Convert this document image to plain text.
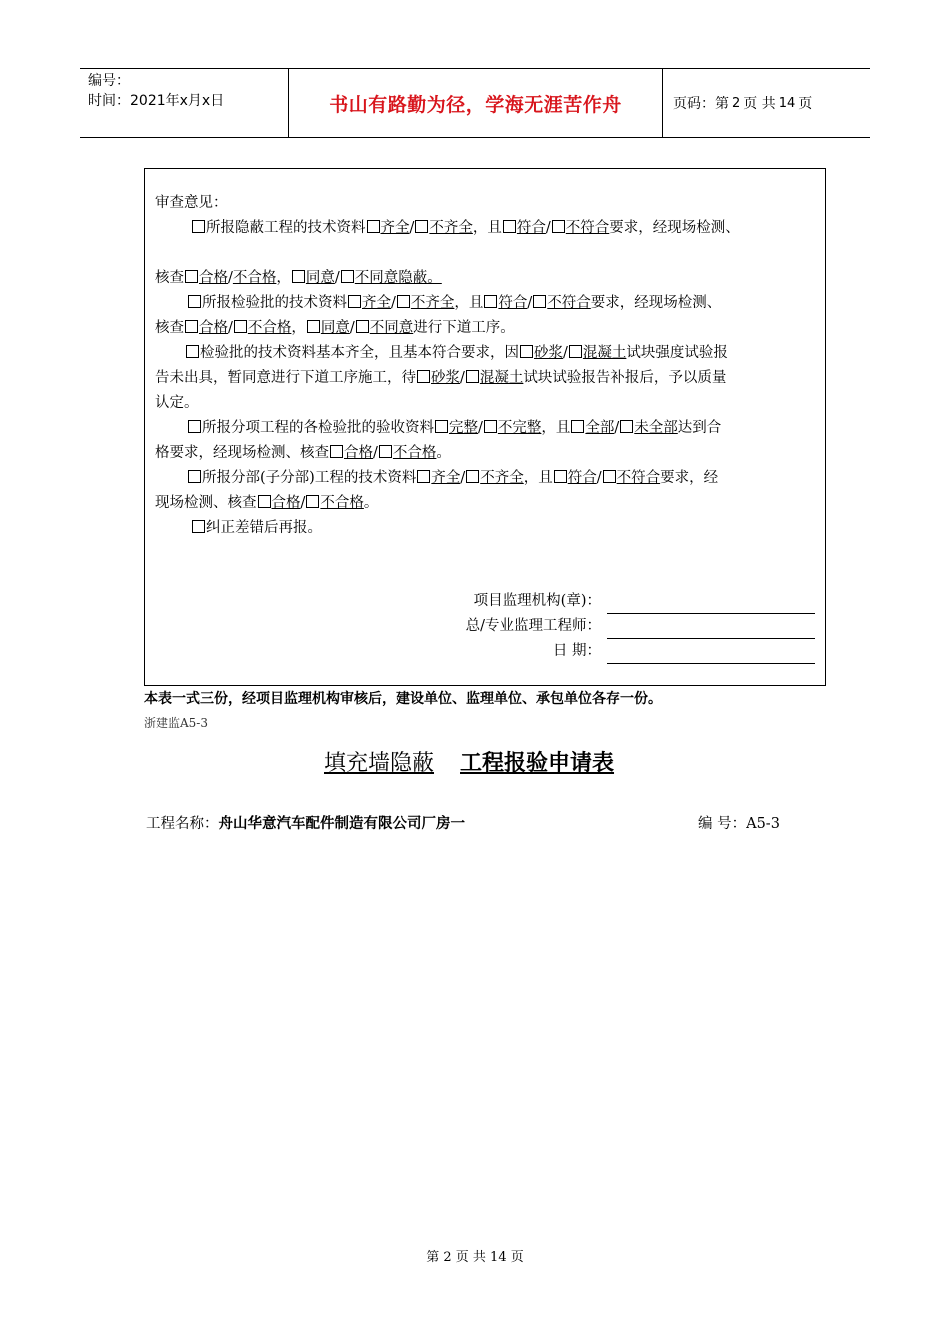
编号：
时间：2021年x月x日	书山有路勤为径，学海无涯苦作舟	页码：第 2 页 共 14 页
审查意见：
所报隐蔽工程的技术资料 齐全/ 不齐全，且 符合/ 不符合要求，经现场检测、
核查 合格/不合格， 同意/ 不同意隐蔽。
所报检验批的技术资料 齐全/ 不齐全，且 符合/ 不符合要求，经现场检测、
核查 合格/ 不合格， 同意/ 不同意进行下道工序。
检验批的技术资料基本齐全，且基本符合要求，因 砂浆/ 混凝土试块强度试验报
告未出具，暂同意进行下道工序施工，待 砂浆/ 混凝土试块试验报告补报后，予以质量
认定。
所报分项工程的各检验批的验收资料 完整/ 不完整，且 全部/ 未全部达到合
格要求，经现场检测、核查 合格/ 不合格。
所报分部(子分部)工程的技术资料 齐全/ 不齐全，且 符合/ 不符合要求，经
现场检测、核查 合格/ 不合格。
纠正差错后再报。
项目监理机构(章)：
总/专业监理工程师：
日 期：
本表一式三份，经项目监理机构审核后，建设单位、监理单位、承包单位各存一份。
浙建监A5-3
填充墙隐蔽	工程报验申请表
工程名称：舟山华意汽车配件制造有限公司厂房一	编 号：A5-3
第 2 页 共 14 页
